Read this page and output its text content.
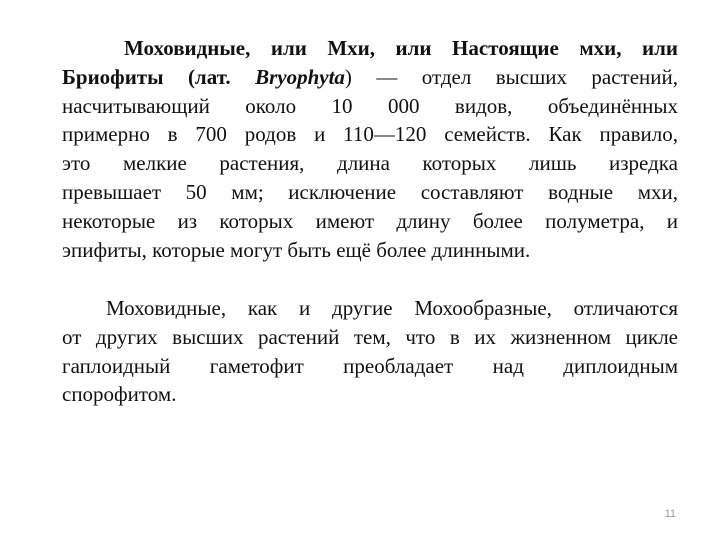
Моховидные, или Мхи, или Настоящие мхи, или
Бриофиты (лат. Bryophyta) — отдел высших растений,
насчитывающий около 10 000 видов, объединённых
примерно в 700 родов и 110—120 семейств. Как правило,
это мелкие растения, длина которых лишь изредка
превышает 50 мм; исключение составляют водные мхи,
некоторые из которых имеют длину более полуметра, и
эпифиты, которые могут быть ещё более длинными.
Моховидные, как и другие Мохообразные, отличаются
от других высших растений тем, что в их жизненном цикле
гаплоидный гаметофит преобладает над диплоидным
спорофитом.
11
